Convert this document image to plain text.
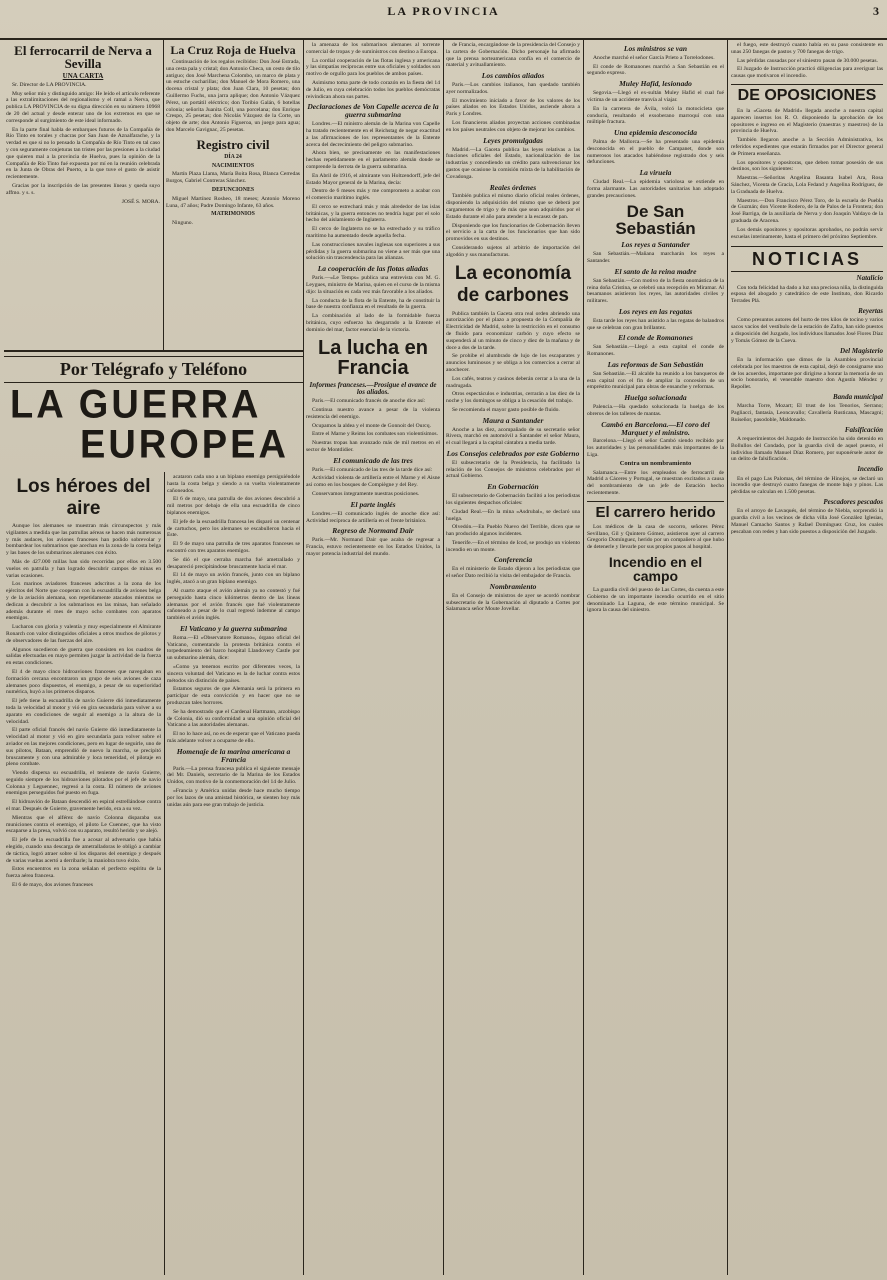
LA PROVINCIA	3
El ferrocarril de Nerva a Sevilla
UNA CARTA

Sr. Director de LA PROVINCIA.

Muy señor mío y distinguido amigo: He leído el artículo referente a las extralimitaciones del regionalismo y el ramal a Nerva, que publica LA PROVINCIA de su digna dirección en su número 10968 de 20 del actual y desde enterar uno de los extremos en que se corresponde al surgimiento de este ideal informado.

En la parte final habla de embarques futuros de la Compañía de Río Tinto en torales y chacras por San Juan de Aznalfarache, y la verdad es que si no lo pensado la Compañía de Río Tinto en tal caso y con seguramente conjeturas tan tristes por las presiones a la ciudad que quieren mal a la provincia de Huelva, pues la opinión de la Compañía de Río Tinto fué expuesta por mí en la reunión celebrada en la Junta de Obras del Puerto, a la que tuve el gusto de asistir recientemente.

Gracias por la inscripción de las presentes líneas y queda suyo affmo. y s. s.

JOSÉ S. MORA.
La Cruz Roja de Huelva

Continuación de los regalos recibidos: Don José Estrada, una cesta pala y cristal; don Antonio Checa, un cesto de tilo antiguo; don José Marchena Colombo, un marco de plata y un estuche cucharillas; don Manuel de Mora Romero, una docena cristal y plata; don Juan Clara, 10 pesetas; don Guillermo Fuchs, una jarra aplique; don Antonio Vázquez Pérez, un portátil eléctrico; don Toribio Galán, 6 botellas colonia; señorita Juanita Coll, una porcelana; don Enrique Crespo, 25 pesetas; don Nicolás Vázquez de la Corte, un objeto de arte; don Antonio Figueroa, un juego para agua; don Marcelo Gavignac, 25 pesetas.

Registro civil
DÍA 24
NACIMIENTOS

Martín Plaza Llama, María Boita Rosa, Blanca Cerredas Burgos, Gabriel Contreras Sánchez.

DEFUNCIONES

Miguel Martínez Rosheo, 18 meses; Antonio Moreno Luna, 47 años; Padre Domingo Infante, 63 años.

MATRIMONIOS

Ninguno.

Por Telégrafo y Teléfono
LA GUERRA
EUROPEA
Los héroes del aire

Aunque los alemanes se muestran más circunspectos y más vigilantes a medida que las patrullas aéreas se hacen más numerosas y más audaces, los aviones franceses han podido sobrevolar y bombardear los submarinos que acechan en la zona de la costa belga y las bases de los submarinos alemanes con éxito.

Más de 427.000 millas han sido recorridas por ellos en 3.500 vuelos en patrulla y han logrado descubrir campos de minas en varias ocasiones.

Los marinos aviadores franceses adscritos a la zona de los ejércitos del Norte que cooperan con la escuadrilla de aviones belga y de la aviación alemana, son repetidamente atacados mientras se dedican a descubrir a los submarinos en las minas, han señalado además durante el mes de mayo ocho combates con aparatos enemigos.

Lucharon con gloria y valentía y muy especialmente el Almirante Ronarch con valor distinguidos oficiales a otros muchos de pilotos y de observadores de las fuerzas del aire.

Algunos sucedieron de guerra que consisten en los cuadros de salidas efectuadas en mayo permiten juzgar la actividad de la fuerza en estas condiciones.

El 4 de mayo cinco hidroaviones franceses que navegaban en formación cercana encontraron un grupo de seis aviones de caza alemanes poco dispuestos, el enemigo, a pesar de su superioridad numérica, huyó a los primeros disparos.

El jefe tiene la escuadrilla de navío Guierre dió inmediatamente toda la velocidad al motor y vió en gira secundaria para volver a su aparato en condiciones de seguir al enemigo a la altura de la velocidad.

El parte oficial francés del navío Guierre dió inmediatamente la velocidad al motor y vió en giro secundaria para volver sobre el aviador en las mejores condiciones, pero en lugar de seguirle, uno de sus pilotos, Bataan, emprendió de nuevo la marcha, se precipitó bruscamente y con una admirable y loca temeridad, el pilotaje en pleno combate.

Viendo dispersa su escuadrilla, el teniente de navío Guierre, seguido siempre de los hidroaviones pilotados por el jefe de navío Colonna y Leguennec, regresó a la costa. El número de aviones enemigos perseguidos fué puesto en fuga.

El hidroavión de Bataan descendió en espiral estrellándose contra el mar. Después de Guierre, gravemente herido, era a su vez.

Mientras que el alférez de navío Colonna disparaba sus municiones contra el enemigo, el piloto Le Cuennec, que ha visto escaparse a la presa, volvió con su aparato, resultó herido y se alejó.

El jefe de la escuadrilla fue a acosar al adversario que había elegido, cuando una descarga de ametralladoras le obligó a cambiar de táctica, logró atraer sobre sí los disparos del enemigo y después de varias vueltas acertó a derribarle; la maniobra tuvo éxito.

Estos encuentros en la zona señalan el perfecto espíritu de la fuerza aérea francesa.

El 6 de mayo, dos aviones franceses

acataron cada uno a un biplano enemigo persiguiéndole hasta la costa belga y siendo a su vuelta violentamente cañoneados.

El 6 de mayo, una patrulla de dos aviones descubrió a mil metros por debajo de ella una escuadrilla de cinco biplanos enemigos.

El jefe de la escuadrilla francesa les disparó un centenar de cartuchos, pero los alemanes se escabulleron hacia el Este.

El 9 de mayo una patrulla de tres aparatos franceses se encontró con tres aparatos enemigos.

Se dió el que cerraba marcha fué ametrallado y desapareció precipitándose bruscamente hacia el mar.

El 14 de mayo un avión francés, junto con un biplano inglés, atacó a un gran biplano enemigo.

Al cuarto ataque el avión alemán ya no contestó y fué perseguido hasta cinco kilómetros dentro de las líneas alemanas por el avión francés que fué violentamente cañoneado a pesar de lo cual regresó indemne al campo también el avión inglés.

El Vaticano y la guerra submarina

Roma.—El «Observatore Romano», órgano oficial del Vaticano, comentando la protesta británica contra el torpedeamiento del barco hospital Llandovery Castle por un submarino alemán, dice:

«Como ya tenemos escrito por diferentes veces, la sincera voluntad del Vaticano es la de luchar contra estos métodos sin distinción de países.

Estamos seguros de que Alemania será la primera en participar de esta convicción y en hacer que no se produzcan tales horrores.

Se ha demostrado que el Cardenal Hartmann, arzobispo de Colonia, dió su conformidad a una opinión oficial del Vaticano a las autoridades alemanas.

El no lo hace así, no es de esperar que el Vaticano pueda más adelante volver a ocuparse de ello.

Homenaje de la marina americana a Francia

París.—La prensa francesa publica el siguiente mensaje del Mr. Daniels, secretario de la Marina de los Estados Unidos, con motivo de la conmemoración del 14 de Julio.

«Francia y América unidas desde hace mucho tiempo por los lazos de una amistad histórica, se sienten hoy más unidas aún para ese gran trabajo de justicia.

la amenaza de los submarinos alemanes al torrente comercial de tropas y de suministros con destino a Europa.

La cordial cooperación de las flotas inglesa y americana y las simpatías recíprocas entre sus oficiales y soldados son motivo de orgullo para los pueblos de ambos países.

Asimismo toma parte de todo corazón en la fiesta del 14 de Julio, en cuya celebración todos los pueblos demócratas reivindican ahora sus partes.

Declaraciones de Von Capelle acerca de la guerra submarina

Londres.—El ministro alemán de la Marina von Capelle ha tratado recientemente en el Reichstag de negar exactitud a las afirmaciones de los representantes de la Entente acerca del decrecimiento del peligro submarino.

Ahora bien, se precisamente en las manifestaciones hechas repetidamente en el parlamento alemán donde se comprende la derrota de la guerra submarina.

En Abril de 1916, el almirante von Holtzendorff, jefe del Estado Mayor general de la Marina, decía:

Dentro de 6 meses más y me comprometo a acabar con el comercio marítimo inglés.

El cerco se estrechará más y más alrededor de las islas británicas, y la guerra entonces no tendría lugar por el solo hecho del aislamiento de Inglaterra.

El cerco de Inglaterra no se ha estrechado y su tráfico marítimo ha aumentado desde aquella fecha.

Las construcciones navales inglesas son superiores a sus pérdidas y la guerra submarina no viene a ser más que una solución sin trascendencia para las alianzas.

La cooperación de las flotas aliadas

París.—«Le Temps» publica una entrevista con M. G. Leygues, ministro de Marina, quien en el curso de la misma dijo: la situación es cada vez más favorable a los aliados.

La conducta de la flota de la Entente, ha de constituir la base de nuestra confianza en el resultado de la guerra.

La combinación al lado de la formidable fuerza británica, cuyo esfuerzo ha desgarrado a la Entente el dominio del mar, factor esencial de la victoria.

La lucha en Francia
Informes franceses.—Prosigue el avance de los aliados.

París.—El comunicado francés de anoche dice así:

Continua nuestro avance a pesar de la violenta resistencia del enemigo.

Ocupamos la aldea y el monte de Gonnoit del Ourcq.

Entre el Marne y Reims los combates son violentísimos.

Nuestras tropas han avanzado más de mil metros en el sector de Montdidier.

El comunicado de las tres

París.—El comunicado de las tres de la tarde dice así:

Actividad violenta de artillería entre el Marne y el Aisne así como en los bosques de Compiègne y del Rey.

Conservamos íntegramente nuestras posiciones.

El parte inglés

Londres.—El comunicado inglés de anoche dice así: Actividad recíproca de artillería en el frente británico.

Regreso de Normand Dair

París.—Mr. Normand Dair que acaba de regresar a Francia, estuvo recientemente en los Estados Unidos, la mayor potencia industrial del mundo.

de Francia, encargándose de la presidencia del Consejo y la cartera de Gobernación. Dicho personaje ha afirmado que la prensa norteamericana confía en el comercio de material y avituallamiento.

Los cambios aliados

París.—Los cambios italianos, han quedado también ayer normalizados.

El movimiento iniciado a favor de los valores de los países aliados en los Estados Unidos, asciende ahora a París y Londres.

Los financieros aliados proyectan acciones combinadas en los países neutrales con objeto de mejorar los cambios.

Leyes promulgadas

Madrid.—La Gaceta publica las leyes relativas a las funciones oficiales del Estado, nacionalización de las industrias y concediendo un crédito para subvencionar los gastos que ocasione la comisión mixta de la habilitación de Covadonga.

Reales órdenes

También publica el mismo diario oficial reales órdenes, disponiendo la adquisición del mismo que se deberá por cargamentos de trigo y de más que sean adquiridos por el Estado durante el año para atender a la escasez de pan.

Disponiendo que los funcionarios de Gobernación lleven el servicio a la carta de los funcionarios que han sido promovidos en sus destinos.

Considerando sujetos al arbitrio de importación del algodón y sus manufacturas.

La economía de carbones

Publica también la Gaceta otra real orden abriendo una autorización por el plazo a propuesta de la Compañía de Electricidad de Madrid, sobre la restricción en el consumo de fluido para economizar carbón y cuyo efecto se suspenderá al un minuto de cinco y diez de la mañana y de doce a dos de la tarde.

Se prohibe el alumbrado de lujo de los escaparates y anuncios luminosos y se obliga a los comercios a cerrar al anochecer.

Los cafés, teatros y casinos deberán cerrar a la una de la madrugada.

Otros espectáculos e industrias, cerrarán a las diez de la noche y los domingos se obliga a la cesación del trabajo.

Se recomienda el mayor gasto posible de fluido.

Maura a Santander

Anoche a las diez, acompañado de su secretario señor Rivera, marchó en automóvil a Santander el señor Maura, el cual llegará a la capital cántabra a media tarde.

Los Consejos celebrados por este Gobierno

El subsecretario de la Presidencia, ha facilitado la relación de los Consejos de ministros celebrados por el actual Gobierno.

En Gobernación

El subsecretario de Gobernación facilitó a los periodistas los siguientes despachos oficiales:

Ciudad Real.—En la mina «Asdrubal», se declaró una huelga.

Olvedón.—En Pueblo Nuevo del Terrible, dicen que se han producido algunos incidentes.

Tenerife.—En el término de Icod, se produjo un violento incendio en un monte.

Conferencia

En el ministerio de Estado dijeron a los periodistas que el señor Dato recibió la visita del embajador de Francia.

Nombramiento

En el Consejo de ministros de ayer se acordó nombrar subsecretario de la Gobernación al diputado a Cortes por Salamanca señor Moute Jovellar.

Los ministros se van

Anoche marchó el señor García Prieto a Torrelodones.

El conde de Romanones marchó a San Sebastián en el segundo expreso.

Muley Hafid, lesionado

Segovia.—Llegó el ex-sultán Muley Hafid el cual fué víctima de un accidente tranvía al viajar.

En la carretera de Ávila, volcó la motocicleta que conducía, resultando el exsoberano marroquí con una múltiple fractura.

Una epidemia desconocida

Palma de Mallorca.—Se ha presentado una epidemia desconocida en el pueblo de Campanet, donde son numerosos los atacados habiéndose registrado dos y seis defunciones.

La viruela

Ciudad Real.—La epidemia variolosa se extiende en forma alarmante. Las autoridades sanitarias han adoptado grandes precauciones.

De San Sebastián
Los reyes a Santander

San Sebastián.—Mañana marcharán los reyes a Santander.

El santo de la reina madre

San Sebastián.—Con motivo de la fiesta onomástica de la reina doña Cristina, se celebró una recepción en Miramar. Al besamanos asistieron los reyes, las autoridades civiles y militares.

Los reyes en las regatas

Esta tarde los reyes han asistido a las regatas de balandros que se celebran con gran brillantez.

El conde de Romanones

San Sebastián.—Llegó a esta capital el conde de Romanones.

Las reformas de San Sebastián

San Sebastián.—El alcalde ha reunido a los banqueros de esta capital con el fin de ampliar la concesión de un empréstito municipal para obras de ensanche y reformas.

Huelga solucionada

Palencia.—Ha quedado solucionada la huelga de los obreros de los talleres de mantas.

Cambó en Barcelona.—El coro del Marquet y el ministro.

Barcelona.—Llegó el señor Cambó siendo recibido por los autoridades y las personalidades más importantes de la Liga.

Contra un nombramiento

Salamanca.—Entre los empleados de ferrocarril de Madrid a Cáceres y Portugal, se muestran excitados a causa del nombramiento de un jefe de Estación hecho recientemente.

El carrero herido

Los médicos de la casa de socorro, señores Pérez Sevillano, Gil y Quintero Gómez, asistieron ayer al carrero Gregorio Domínguez, herido por un compañero al que hubo de detenerle y llevarle por sus propios pasos al hospital.

Incendio en el campo

La guardia civil del puesto de Las Cortes, da cuenta a este Gobierno de un importante incendio ocurrido en el sitio denominado La Laguna, de este término municipal. Se ignora la causa del siniestro.

el fuego, este destruyó cuanto había en su paso consistente en unas 250 fanegas de pastos y 700 fanegas de trigo.

Las pérdidas causadas por el siniestro pasan de 30.000 pesetas.

El Juzgado de Instrucción practicó diligencias para averiguar las causas que motivaron el incendio.

DE OPOSICIONES

En la «Gaceta de Madrid» llegada anoche a nuestra capital aparecen insertos los R. O. disponiendo la aprobación de los opositores e ingreso en el Magisterio (maestras y maestros) de la provincia de Huelva.

También llegaron anoche a la Sección Administrativa, los referidos expedientes que estarán firmados por el Director general de Primera enseñanza.

Los opositores y opositoras, que deben tomar posesión de sus destinos, son los siguientes:

Maestras.—Señoritas Angelina Basanta Isabel Ara, Rosa Sánchez, Vicenta de Gracia, Lola Fedand y Angelina Rodríguez, de la Graduada de Huelva.

Maestros.—Don Francisco Pérez Toro, de la escuela de Puebla de Guzmán; don Vicente Rodero, de la de Palos de la Frontera; don José Barriga, de la auxiliaría de Nerva y don Joaquín Valdayo de la graduada de Aracena.

Los demás opositores y opositoras aprobados, no podrán servir escuelas interinamente, hasta el primero del próximo Septiembre.

NOTICIAS
Natalicio

Con toda felicidad ha dado a luz una preciosa niña, la distinguida esposa del abogado y catedrático de este Instituto, don Ricardo Terrades Plá.

Reyertas

Como presuntos autores del hurto de tres kilos de tocino y varios sacos vacíos del vestíbulo de la estación de Zafra, han sido puestos a disposición del Juzgado, los individuos llamados José Flores Díaz y Tomás Gómez de la Cueva.

Del Magisterio

En la información que dimos de la Asamblea provincial celebrada por los maestros de esta capital, dejó de consignarse uno de los acuerdos, importante por dirigirse a honrar la memoria de un socio honorario, el venerable maestro don Agustín Méndez y Repollet.

Banda municipal

Marcha Torre, Mozart; El trust de los Tenorios, Serrano; Pagliacci, fantasía, Leoncavallo; Cavallería Rusticana, Mascagni; Ruiseñor, pasodoble, Maldonado.

Falsificación

A requerimientos del Juzgado de Instrucción ha sido detenido en Bollullos del Condado, por la guardia civil de aquel puesto, el individuo llamado Manuel Díaz Romero, por suponérsele autor de un delito de falsificación.

Incendio

En el pago Las Palomas, del término de Hinojos, se declaró un incendio que destruyó cuatro fanegas de monte bajo y pinos. Las pérdidas se calculan en 1.500 pesetas.

Pescadores pescados

En el arroyo de Lavaqués, del término de Niebla, sorprendió la guardia civil a los vecinos de dicha villa José González Iglesias, Manuel Camacho Santos y Rafael Domínguez Cruz, los cuales pescaban con redes y han sido puestos a disposición del Juzgado.
